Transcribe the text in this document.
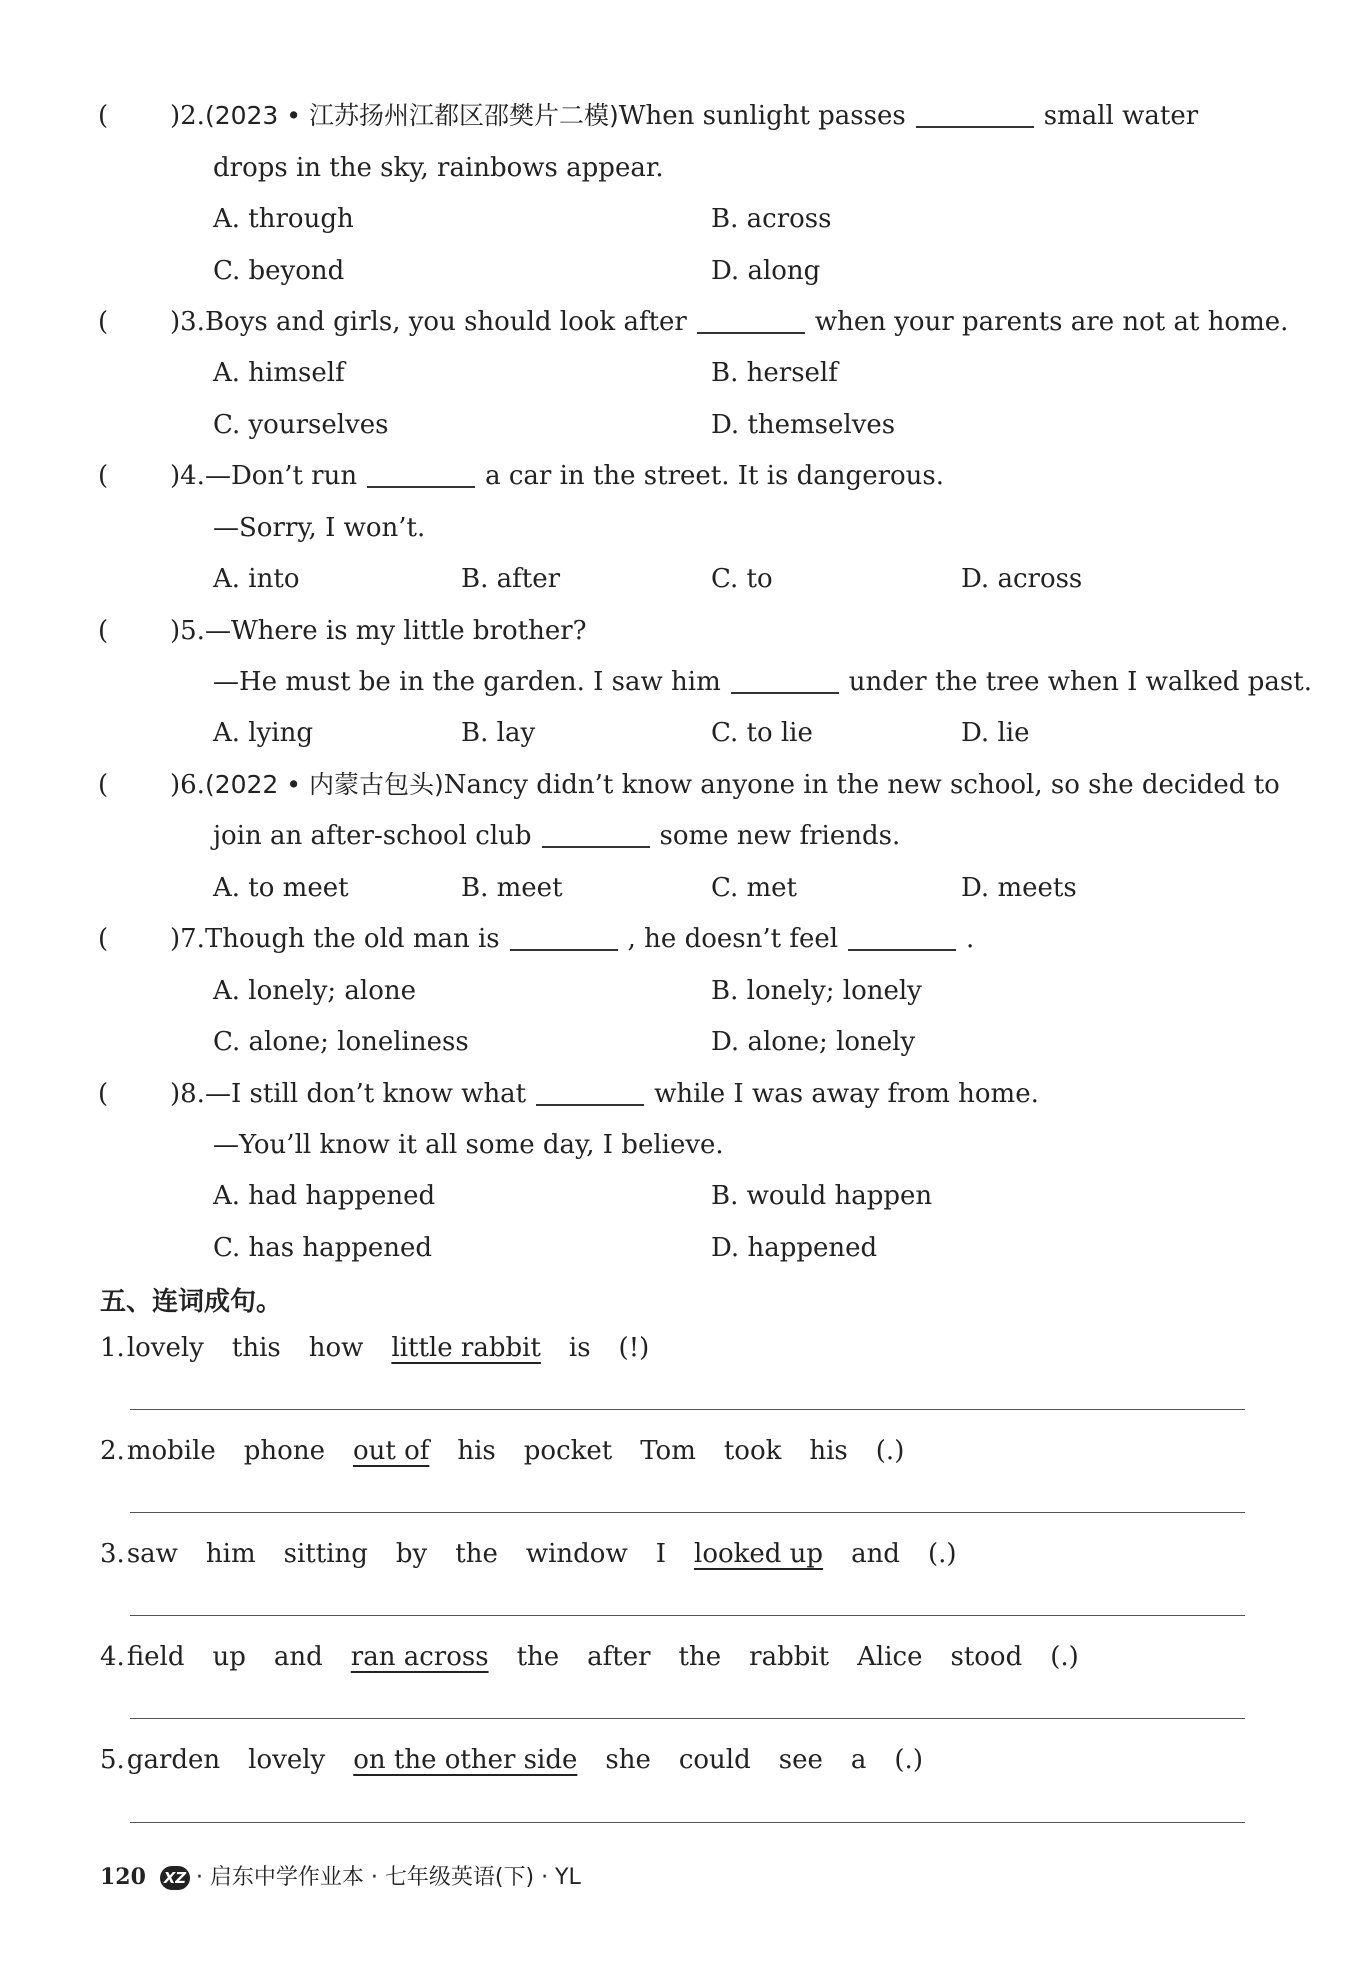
( )2.(2023 • 江苏扬州江都区邵樊片二模)When sunlight passes	small water
drops in the sky, rainbows appear.
A. through	B. across
C. beyond	D. along
( )3.Boys and girls, you should look after	when your parents are not at home.
A. himself	B. herself
C. yourselves	D. themselves
( )4.—Don’t run	a car in the street. It is dangerous.
—Sorry, I won’t.
A. into	B. after	C. to	D. across
( )5.—Where is my little brother?
—He must be in the garden. I saw him	under the tree when I walked past.
A. lying	B. lay	C. to lie	D. lie
( )6.(2022 • 内蒙古包头)Nancy didn’t know anyone in the new school, so she decided to
join an after-school club	some new friends.
A. to meet	B. meet	C. met	D. meets
( )7.Though the old man is	, he doesn’t feel	.
A. lonely; alone	B. lonely; lonely
C. alone; loneliness	D. alone; lonely
( )8.—I still don’t know what	while I was away from home.
—You’ll know it all some day, I believe.
A. had happened	B. would happen
C. has happened	D. happened
五、连词成句。
1.lovely this how little rabbit is (!)
2.mobile phone out of his pocket Tom took his (.)
3.saw him sitting by the window I looked up and (.)
4.field up and ran across the after the rabbit Alice stood (.)
5.garden lovely on the other side she could see a (.)
120 XZ · 启东中学作业本 · 七年级英语(下) · YL
